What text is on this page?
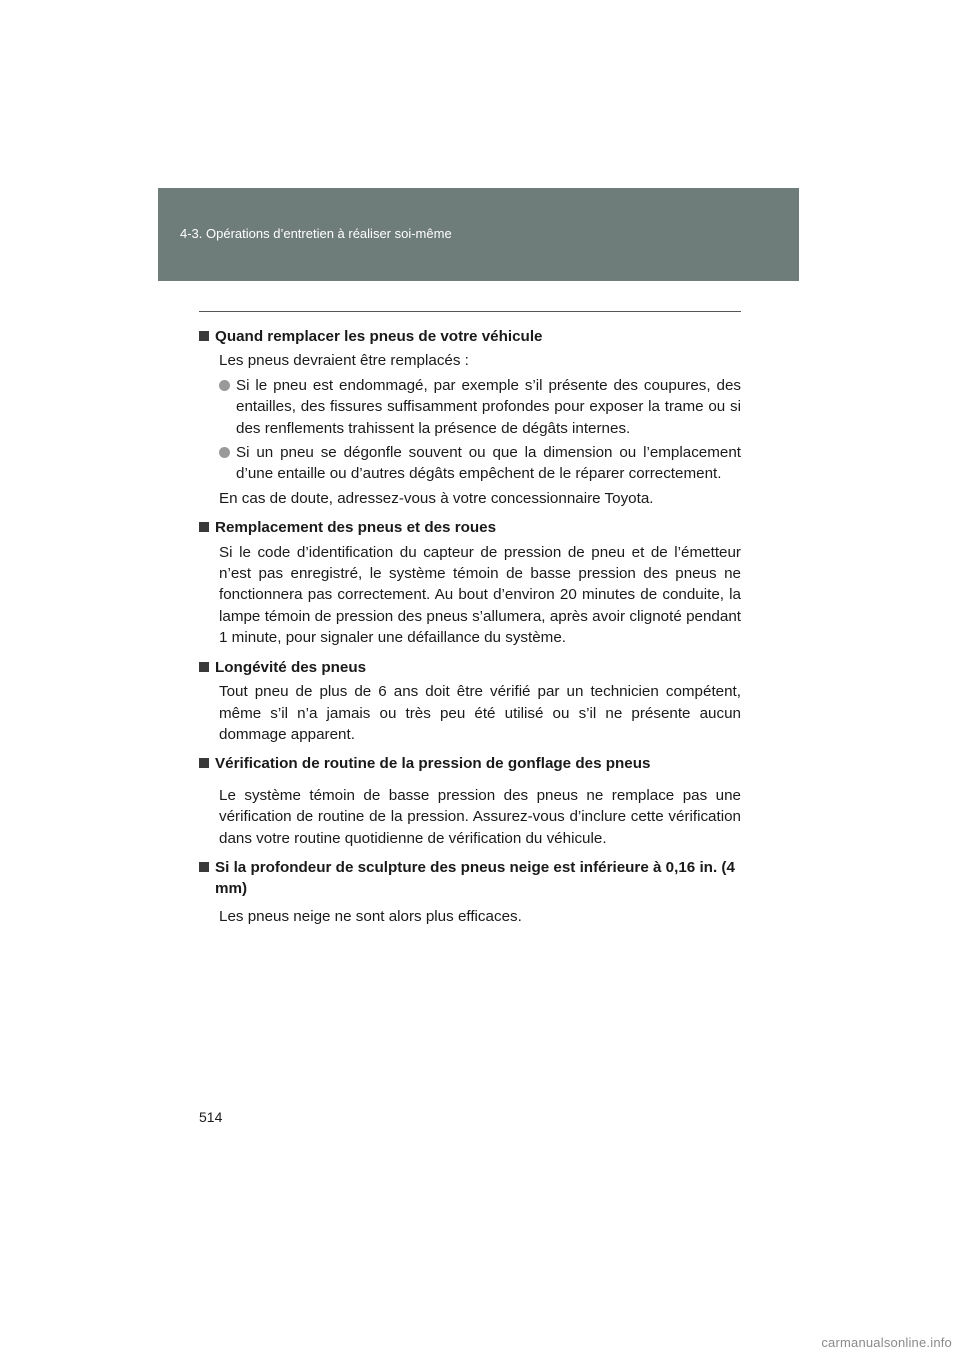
4-3. Opérations d’entretien à réaliser soi-même
Quand remplacer les pneus de votre véhicule
Les pneus devraient être remplacés :
Si le pneu est endommagé, par exemple s’il présente des coupures, des entailles, des fissures suffisamment profondes pour exposer la trame ou si des renflements trahissent la présence de dégâts internes.
Si un pneu se dégonfle souvent ou que la dimension ou l’emplacement d’une entaille ou d’autres dégâts empêchent de le réparer correctement.
En cas de doute, adressez-vous à votre concessionnaire Toyota.
Remplacement des pneus et des roues
Si le code d’identification du capteur de pression de pneu et de l’émetteur n’est pas enregistré, le système témoin de basse pression des pneus ne fonctionnera pas correctement. Au bout d’environ 20 minutes de conduite, la lampe témoin de pression des pneus s’allumera, après avoir clignoté pendant 1 minute, pour signaler une défaillance du système.
Longévité des pneus
Tout pneu de plus de 6 ans doit être vérifié par un technicien compétent, même s’il n’a jamais ou très peu été utilisé ou s’il ne présente aucun dommage apparent.
Vérification de routine de la pression de gonflage des pneus
Le système témoin de basse pression des pneus ne remplace pas une vérification de routine de la pression. Assurez-vous d’inclure cette vérification dans votre routine quotidienne de vérification du véhicule.
Si la profondeur de sculpture des pneus neige est inférieure à 0,16 in. (4 mm)
Les pneus neige ne sont alors plus efficaces.
514
carmanualsonline.info
